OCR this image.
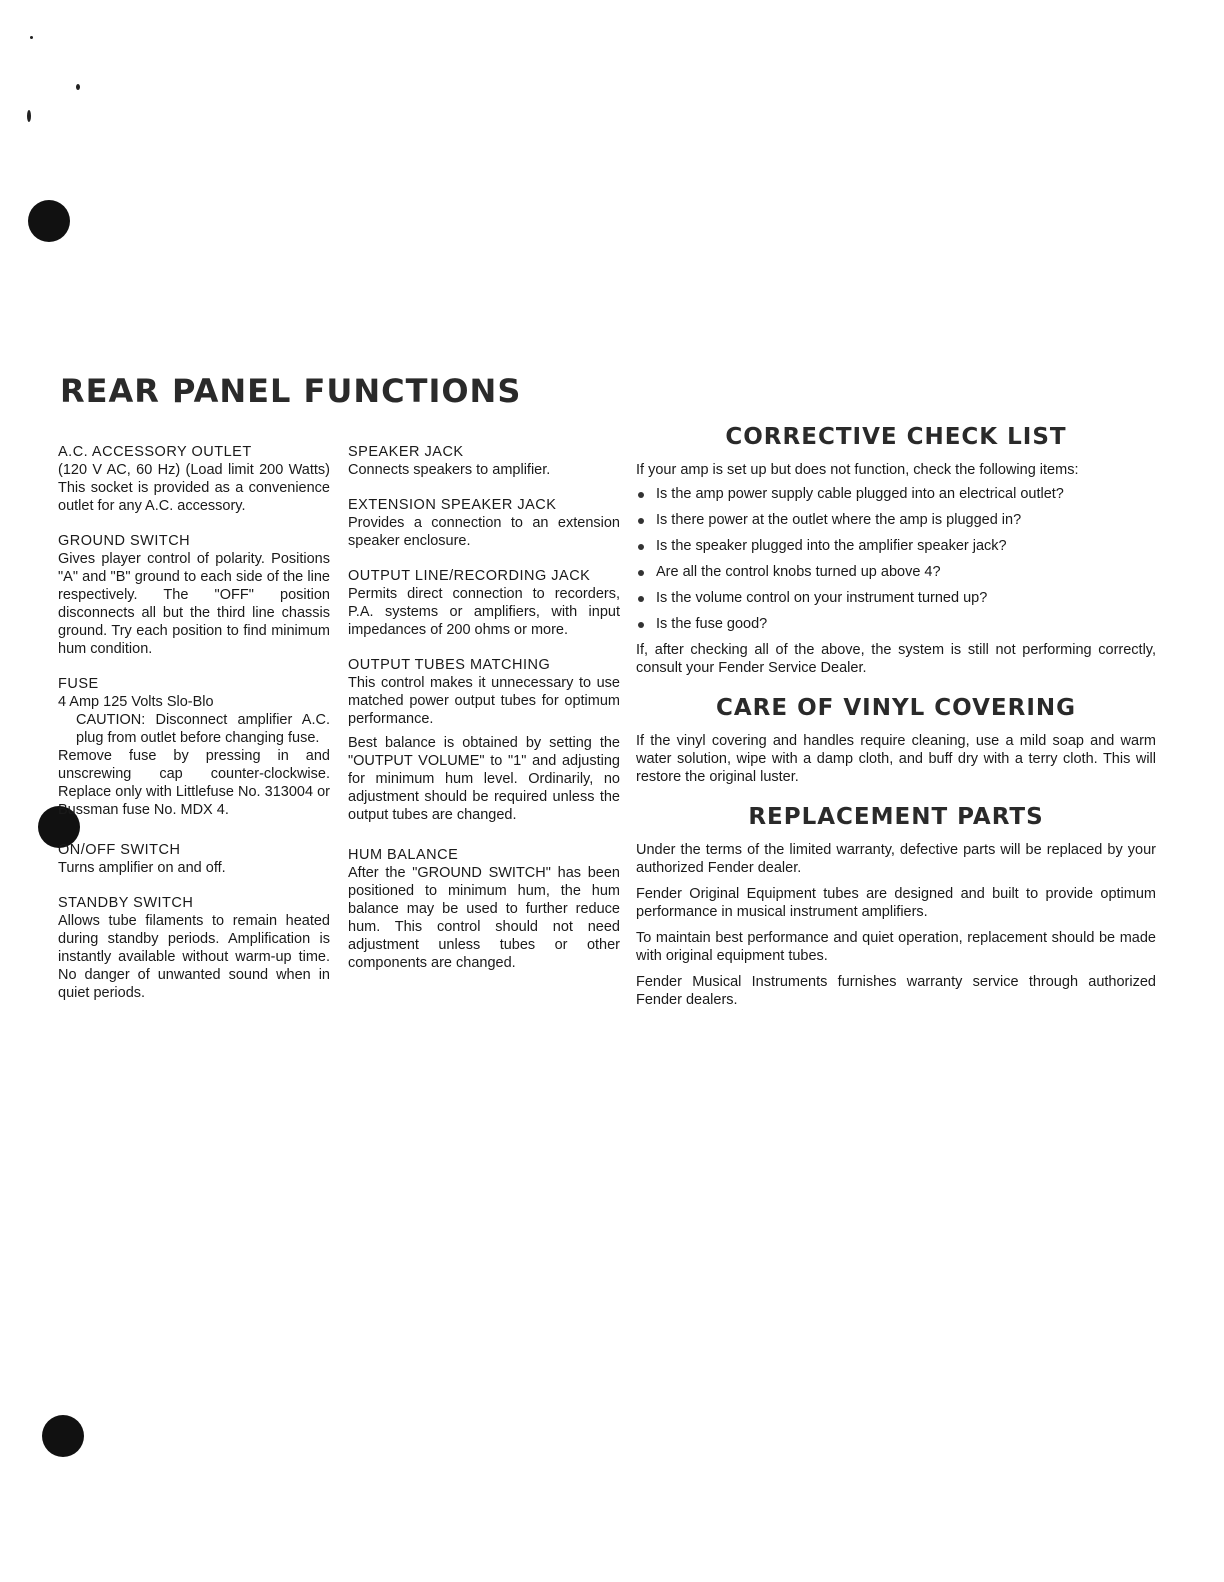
REAR PANEL FUNCTIONS
A.C. ACCESSORY OUTLET

(120 V AC, 60 Hz) (Load limit 200 Watts) This socket is provided as a convenience outlet for any A.C. accessory.

GROUND SWITCH

Gives player control of polarity. Positions "A" and "B" ground to each side of the line respectively. The "OFF" position disconnects all but the third line chassis ground. Try each position to find minimum hum condition.

FUSE

4 Amp 125 Volts Slo-Blo

CAUTION: Disconnect amplifier A.C. plug from outlet before changing fuse.

Remove fuse by pressing in and unscrewing cap counter-clockwise. Replace only with Littlefuse No. 313004 or Bussman fuse No. MDX 4.

ON/OFF SWITCH

Turns amplifier on and off.

STANDBY SWITCH

Allows tube filaments to remain heated during standby periods. Amplification is instantly available without warm-up time. No danger of unwanted sound when in quiet periods.

SPEAKER JACK

Connects speakers to amplifier.

EXTENSION SPEAKER JACK

Provides a connection to an extension speaker enclosure.

OUTPUT LINE/RECORDING JACK

Permits direct connection to recorders, P.A. systems or amplifiers, with input impedances of 200 ohms or more.

OUTPUT TUBES MATCHING

This control makes it unnecessary to use matched power output tubes for optimum performance.

Best balance is obtained by setting the "OUTPUT VOLUME" to "1" and adjusting for minimum hum level. Ordinarily, no adjustment should be required unless the output tubes are changed.

HUM BALANCE

After the "GROUND SWITCH" has been positioned to minimum hum, the hum balance may be used to further reduce hum. This control should not need adjustment unless tubes or other components are changed.

CORRECTIVE CHECK LIST

If your amp is set up but does not function, check the following items:

Is the amp power supply cable plugged into an electrical outlet?
Is there power at the outlet where the amp is plugged in?
Is the speaker plugged into the amplifier speaker jack?
Are all the control knobs turned up above 4?
Is the volume control on your instrument turned up?
Is the fuse good?

If, after checking all of the above, the system is still not performing correctly, consult your Fender Service Dealer.

CARE OF VINYL COVERING

If the vinyl covering and handles require cleaning, use a mild soap and warm water solution, wipe with a damp cloth, and buff dry with a terry cloth. This will restore the original luster.

REPLACEMENT PARTS

Under the terms of the limited warranty, defective parts will be replaced by your authorized Fender dealer.

Fender Original Equipment tubes are designed and built to provide optimum performance in musical instrument amplifiers.

To maintain best performance and quiet operation, replacement should be made with original equipment tubes.

Fender Musical Instruments furnishes warranty service through authorized Fender dealers.
